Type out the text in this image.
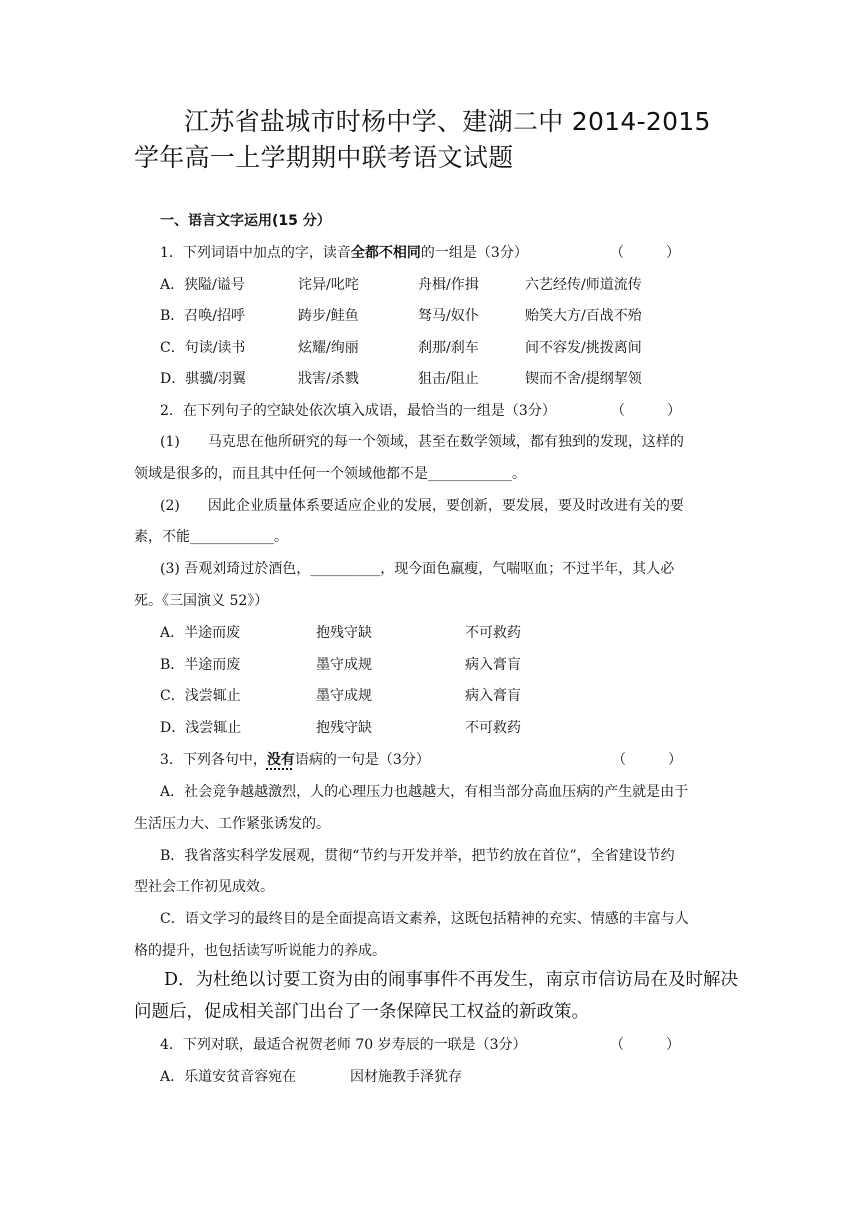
江苏省盐城市时杨中学、建湖二中 2014-2015
学年高一上学期期中联考语文试题
一、语言文字运用(15 分）
1．下列词语中加点的字，读音全都不相同的一组是（3分）	（　　　）
A．狭隘/谥号	诧异/叱咤	舟楫/作揖	六艺经传/师道流传
B．召唤/招呼	踌步/鲑鱼	驽马/奴仆	贻笑大方/百战不殆
C．句读/读书	炫耀/绚丽	刹那/刹车	间不容发/挑拨离间
D．骐骥/羽翼	戕害/杀戮	狙击/阻止	锲而不舍/提纲挈领
2．在下列句子的空缺处依次填入成语，最恰当的一组是（3分）	（　　　）
(1)　　马克思在他所研究的每一个领域，甚至在数学领域，都有独到的发现，这样的
领域是很多的，而且其中任何一个领域他都不是____________。
(2)　　因此企业质量体系要适应企业的发展，要创新，要发展，要及时改进有关的要
素，不能____________。
(3) 吾观刘琦过於酒色，__________，现今面色羸瘦，气喘呕血；不过半年，其人必
死。《三国演义 52》）
A．半途而废	抱残守缺	不可救药
B．半途而废	墨守成规	病入膏肓
C．浅尝辄止	墨守成规	病入膏肓
D．浅尝辄止	抱残守缺	不可救药
3．下列各句中，没有语病的一句是（3分）	（　　　）
A．社会竞争越越激烈，人的心理压力也越越大，有相当部分高血压病的产生就是由于
生活压力大、工作紧张诱发的。
B．我省落实科学发展观，贯彻“节约与开发并举，把节约放在首位”，全省建设节约
型社会工作初见成效。
C．语文学习的最终目的是全面提高语文素养，这既包括精神的充实、情感的丰富与人
格的提升，也包括读写听说能力的养成。
D．为杜绝以讨要工资为由的闹事事件不再发生，南京市信访局在及时解决
问题后，促成相关部门出台了一条保障民工权益的新政策。
4．下列对联，最适合祝贺老师 70 岁寿辰的一联是（3分）	（　　　）
A．乐道安贫音容宛在	因材施教手泽犹存
